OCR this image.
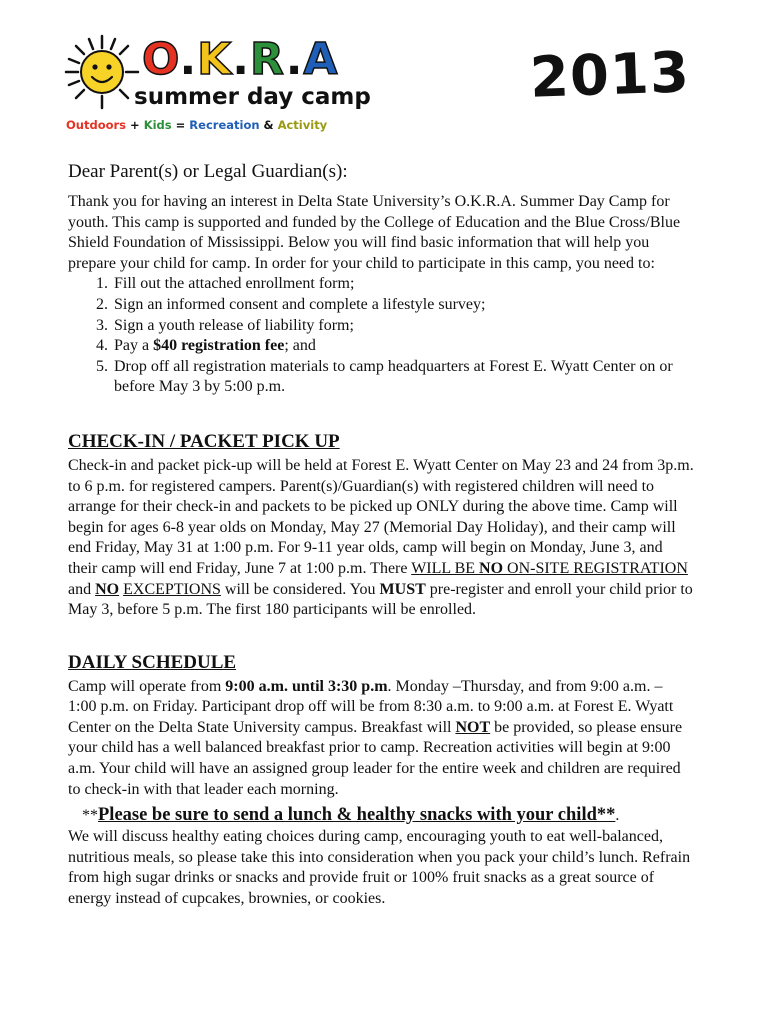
O.K.R.A
summer day camp
Outdoors + Kids = Recreation & Activity
2013
Dear Parent(s) or Legal Guardian(s):

Thank you for having an interest in Delta State University’s O.K.R.A. Summer Day Camp for youth. This camp is supported and funded by the College of Education and the Blue Cross/Blue Shield Foundation of Mississippi. Below you will find basic information that will help you prepare your child for camp. In order for your child to participate in this camp, you need to:

1. Fill out the attached enrollment form;
2. Sign an informed consent and complete a lifestyle survey;
3. Sign a youth release of liability form;
4. Pay a $40 registration fee; and
5. Drop off all registration materials to camp headquarters at Forest E. Wyatt Center on or before May 3 by 5:00 p.m.
CHECK-IN / PACKET PICK UP

Check-in and packet pick-up will be held at Forest E. Wyatt Center on May 23 and 24 from 3p.m. to 6 p.m. for registered campers. Parent(s)/Guardian(s) with registered children will need to arrange for their check-in and packets to be picked up ONLY during the above time. Camp will begin for ages 6-8 year olds on Monday, May 27 (Memorial Day Holiday), and their camp will end Friday, May 31 at 1:00 p.m. For 9-11 year olds, camp will begin on Monday, June 3, and their camp will end Friday, June 7 at 1:00 p.m. There WILL BE NO ON-SITE REGISTRATION and NO EXCEPTIONS will be considered. You MUST pre-register and enroll your child prior to May 3, before 5 p.m. The first 180 participants will be enrolled.

DAILY SCHEDULE

Camp will operate from 9:00 a.m. until 3:30 p.m. Monday –Thursday, and from 9:00 a.m. – 1:00 p.m. on Friday. Participant drop off will be from 8:30 a.m. to 9:00 a.m. at Forest E. Wyatt Center on the Delta State University campus. Breakfast will NOT be provided, so please ensure your child has a well balanced breakfast prior to camp. Recreation activities will begin at 9:00 a.m. Your child will have an assigned group leader for the entire week and children are required to check-in with that leader each morning.

**Please be sure to send a lunch & healthy snacks with your child**.

We will discuss healthy eating choices during camp, encouraging youth to eat well-balanced, nutritious meals, so please take this into consideration when you pack your child’s lunch. Refrain from high sugar drinks or snacks and provide fruit or 100% fruit snacks as a great source of energy instead of cupcakes, brownies, or cookies.
